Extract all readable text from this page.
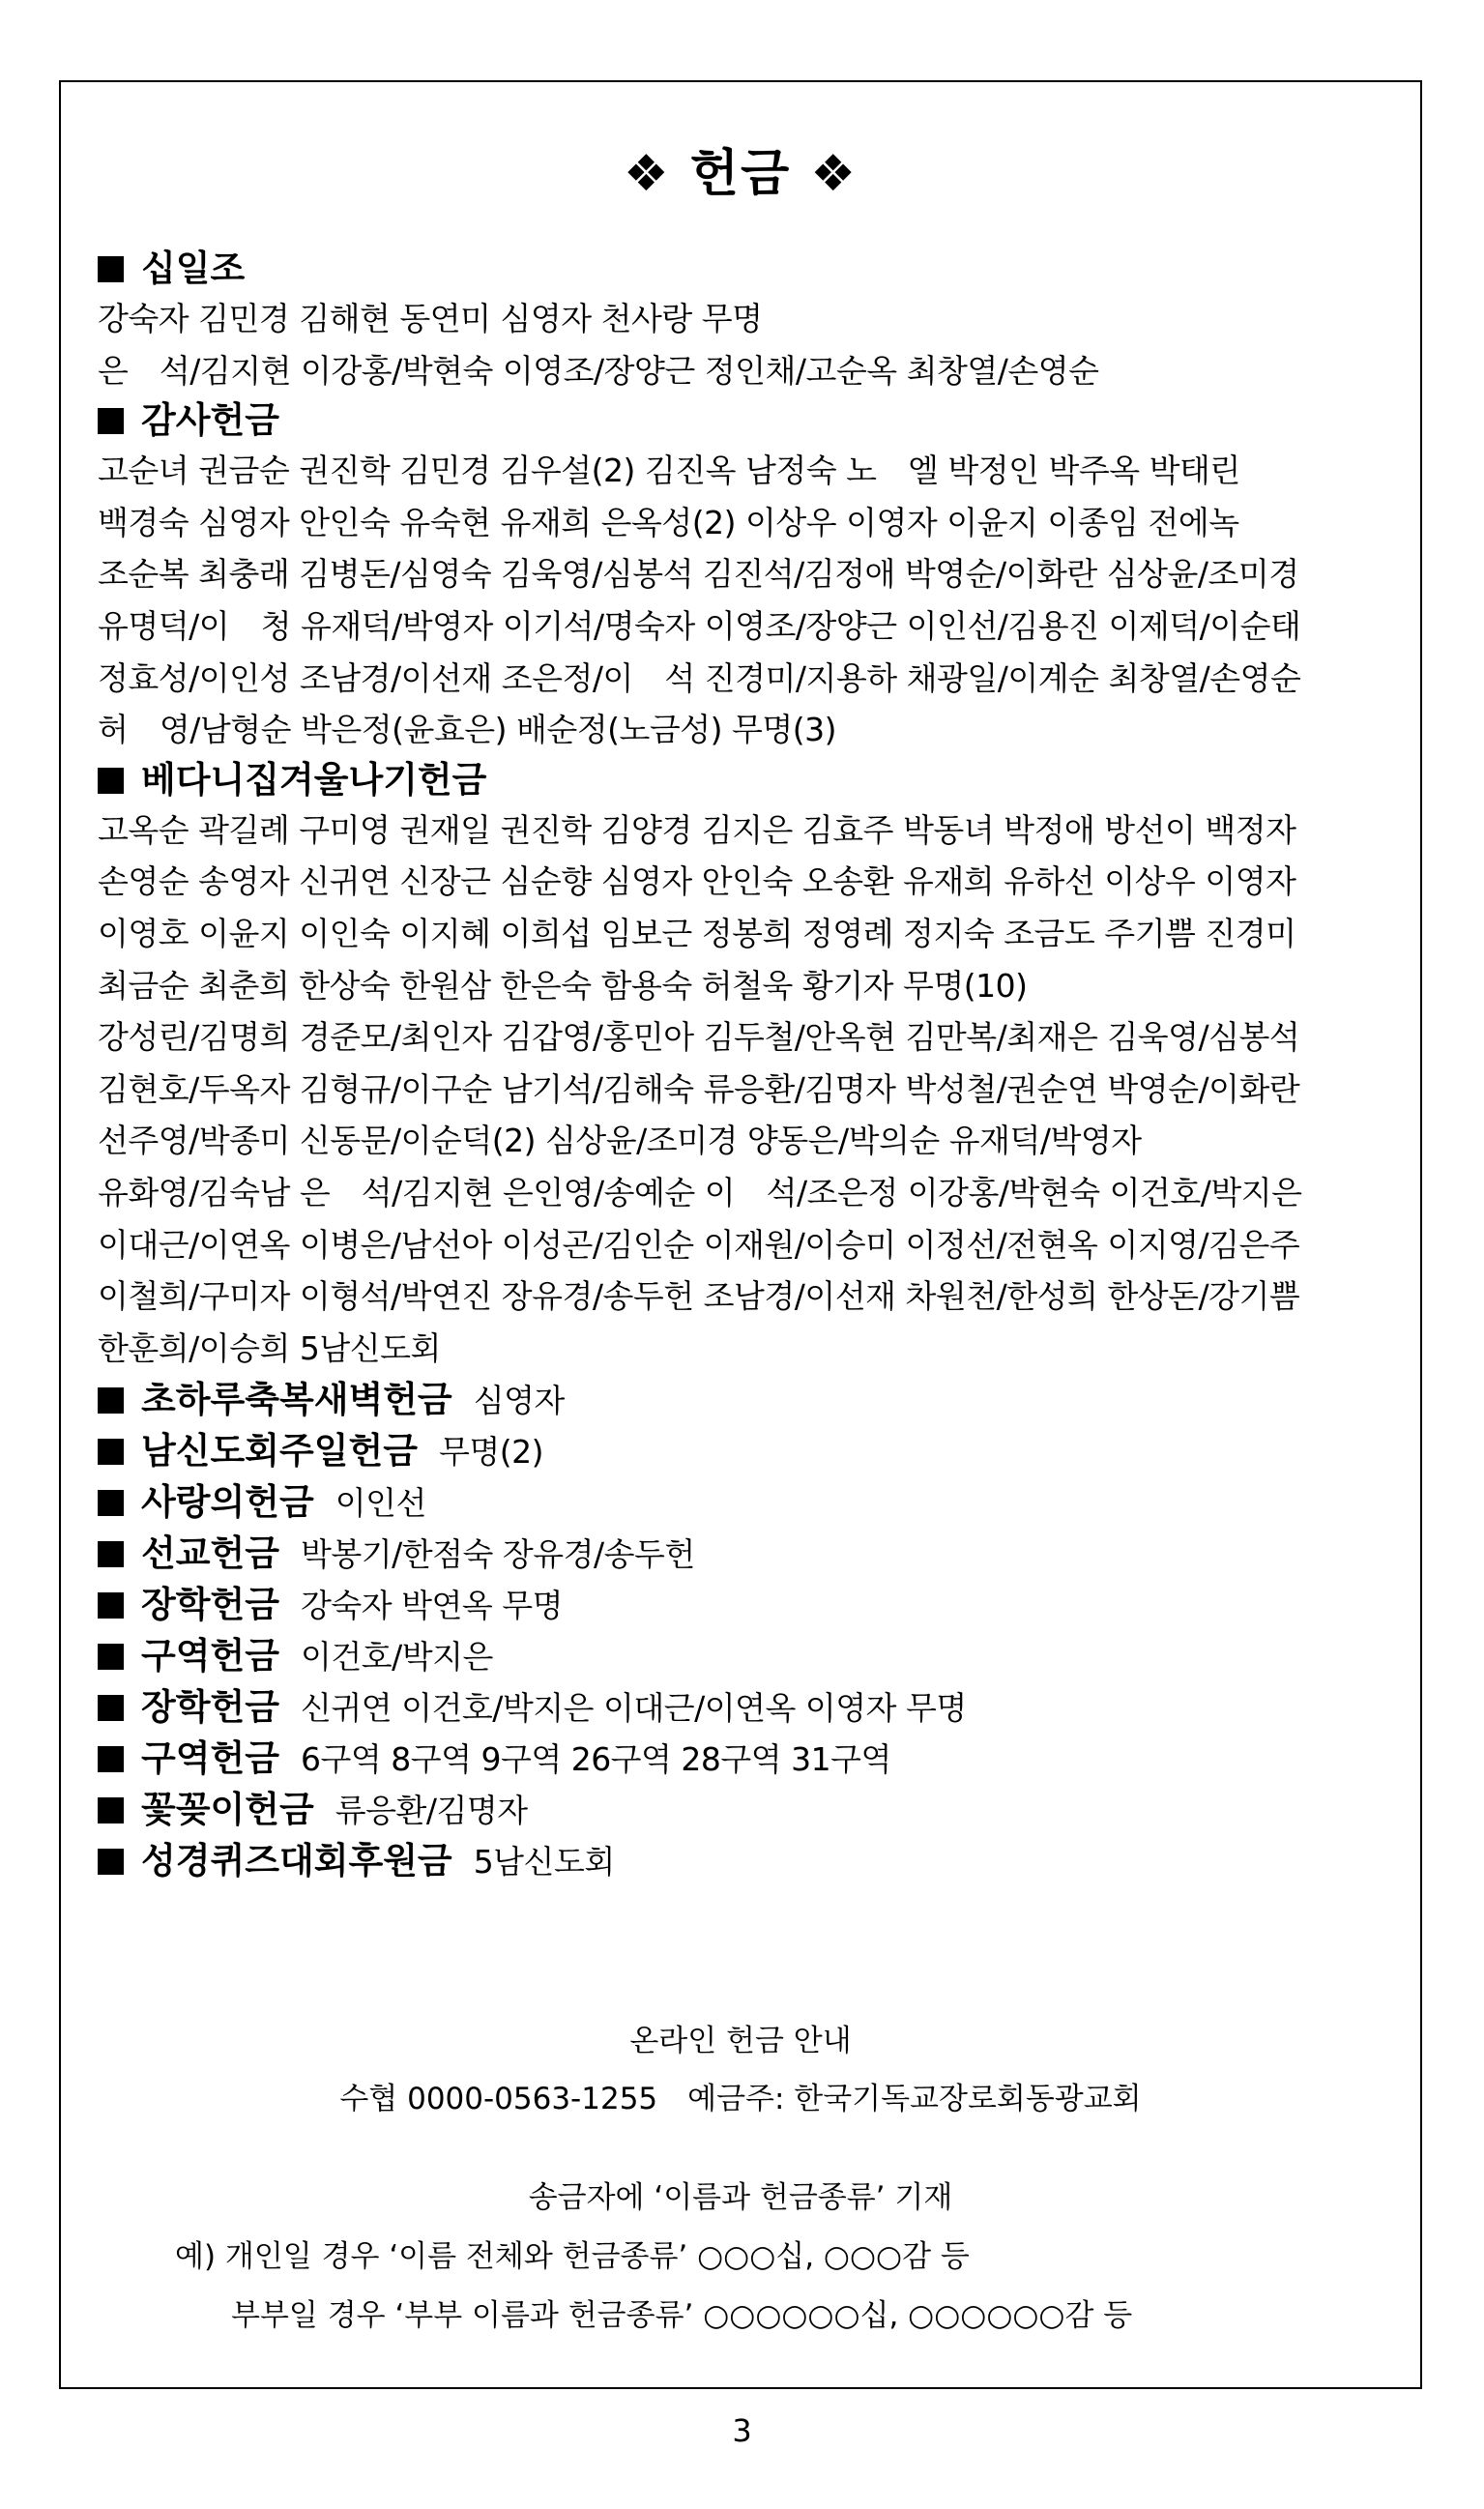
❖ 헌금 ❖
십일조
강숙자 김민경 김해현 동연미 심영자 천사랑 무명
은　석/김지현 이강홍/박현숙 이영조/장양근 정인채/고순옥 최창열/손영순
감사헌금
고순녀 권금순 권진학 김민경 김우설(2) 김진옥 남정숙 노　엘 박정인 박주옥 박태린
백경숙 심영자 안인숙 유숙현 유재희 은옥성(2) 이상우 이영자 이윤지 이종임 전에녹
조순복 최충래 김병돈/심영숙 김욱영/심봉석 김진석/김정애 박영순/이화란 심상윤/조미경
유명덕/이　청 유재덕/박영자 이기석/명숙자 이영조/장양근 이인선/김용진 이제덕/이순태
정효성/이인성 조남경/이선재 조은정/이　석 진경미/지용하 채광일/이계순 최창열/손영순
허　영/남형순 박은정(윤효은) 배순정(노금성) 무명(3)
베다니집겨울나기헌금
고옥순 곽길례 구미영 권재일 권진학 김양경 김지은 김효주 박동녀 박정애 방선이 백정자
손영순 송영자 신귀연 신장근 심순향 심영자 안인숙 오송환 유재희 유하선 이상우 이영자
이영호 이윤지 이인숙 이지혜 이희섭 임보근 정봉희 정영례 정지숙 조금도 주기쁨 진경미
최금순 최춘희 한상숙 한원삼 한은숙 함용숙 허철욱 황기자 무명(10)
강성린/김명희 경준모/최인자 김갑영/홍민아 김두철/안옥현 김만복/최재은 김욱영/심봉석
김현호/두옥자 김형규/이구순 남기석/김해숙 류응환/김명자 박성철/권순연 박영순/이화란
선주영/박종미 신동문/이순덕(2) 심상윤/조미경 양동은/박의순 유재덕/박영자
유화영/김숙남 은　석/김지현 은인영/송예순 이　석/조은정 이강홍/박현숙 이건호/박지은
이대근/이연옥 이병은/남선아 이성곤/김인순 이재원/이승미 이정선/전현옥 이지영/김은주
이철희/구미자 이형석/박연진 장유경/송두헌 조남경/이선재 차원천/한성희 한상돈/강기쁨
한훈희/이승희 5남신도회
초하루축복새벽헌금 심영자
남신도회주일헌금 무명(2)
사랑의헌금 이인선
선교헌금 박봉기/한점숙 장유경/송두헌
장학헌금 강숙자 박연옥 무명
구역헌금 이건호/박지은
장학헌금 신귀연 이건호/박지은 이대근/이연옥 이영자 무명
구역헌금 6구역 8구역 9구역 26구역 28구역 31구역
꽃꽂이헌금 류응환/김명자
성경퀴즈대회후원금 5남신도회
온라인 헌금 안내
수협 0000-0563-1255　예금주: 한국기독교장로회동광교회
송금자에 ‘이름과 헌금종류’ 기재
예) 개인일 경우 ‘이름 전체와 헌금종류’ ○○○십, ○○○감 등
부부일 경우 ‘부부 이름과 헌금종류’ ○○○○○○십, ○○○○○○감 등
3
